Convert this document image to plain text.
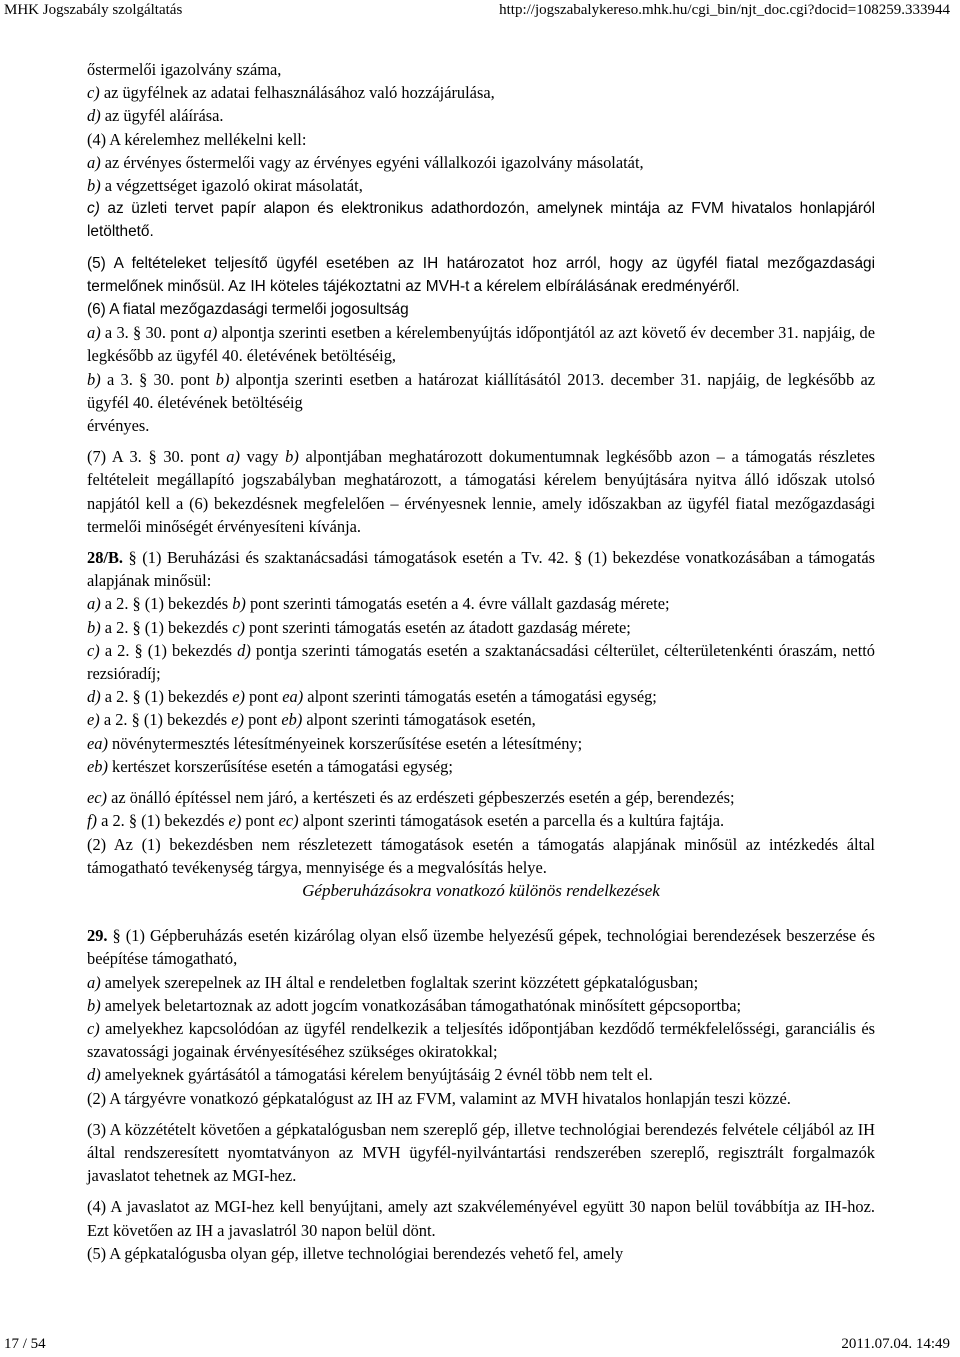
MHK Jogszabály szolgáltatás	http://jogszabalykereso.mhk.hu/cgi_bin/njt_doc.cgi?docid=108259.333944

őstermelői igazolvány száma,

c) az ügyfélnek az adatai felhasználásához való hozzájárulása,

d) az ügyfél aláírása.

(4) A kérelemhez mellékelni kell:

a) az érvényes őstermelői vagy az érvényes egyéni vállalkozói igazolvány másolatát,

b) a végzettséget igazoló okirat másolatát,

c) az üzleti tervet papír alapon és elektronikus adathordozón, amelynek mintája az FVM hivatalos honlapjáról letölthető.

(5) A feltételeket teljesítő ügyfél esetében az IH határozatot hoz arról, hogy az ügyfél fiatal mezőgazdasági termelőnek minősül. Az IH köteles tájékoztatni az MVH-t a kérelem elbírálásának eredményéről.

(6) A fiatal mezőgazdasági termelői jogosultság

a) a 3. § 30. pont a) alpontja szerinti esetben a kérelembenyújtás időpontjától az azt követő év december 31. napjáig, de legkésőbb az ügyfél 40. életévének betöltéséig,

b) a 3. § 30. pont b) alpontja szerinti esetben a határozat kiállításától 2013. december 31. napjáig, de legkésőbb az ügyfél 40. életévének betöltéséig

érvényes.

(7) A 3. § 30. pont a) vagy b) alpontjában meghatározott dokumentumnak legkésőbb azon – a támogatás részletes feltételeit megállapító jogszabályban meghatározott, a támogatási kérelem benyújtására nyitva álló időszak utolsó napjától kell a (6) bekezdésnek megfelelően – érvényesnek lennie, amely időszakban az ügyfél fiatal mezőgazdasági termelői minőségét érvényesíteni kívánja.

28/B. § (1) Beruházási és szaktanácsadási támogatások esetén a Tv. 42. § (1) bekezdése vonatkozásában a támogatás alapjának minősül:

a) a 2. § (1) bekezdés b) pont szerinti támogatás esetén a 4. évre vállalt gazdaság mérete;

b) a 2. § (1) bekezdés c) pont szerinti támogatás esetén az átadott gazdaság mérete;

c) a 2. § (1) bekezdés d) pontja szerinti támogatás esetén a szaktanácsadási célterület, célterületenkénti óraszám, nettó rezsióradíj;

d) a 2. § (1) bekezdés e) pont ea) alpont szerinti támogatás esetén a támogatási egység;

e) a 2. § (1) bekezdés e) pont eb) alpont szerinti támogatások esetén,

ea) növénytermesztés létesítményeinek korszerűsítése esetén a létesítmény;

eb) kertészet korszerűsítése esetén a támogatási egység;

ec) az önálló építéssel nem járó, a kertészeti és az erdészeti gépbeszerzés esetén a gép, berendezés;

f) a 2. § (1) bekezdés e) pont ec) alpont szerinti támogatások esetén a parcella és a kultúra fajtája.

(2) Az (1) bekezdésben nem részletezett támogatások esetén a támogatás alapjának minősül az intézkedés által támogatható tevékenység tárgya, mennyisége és a megvalósítás helye.

Gépberuházásokra vonatkozó különös rendelkezések

29. § (1) Gépberuházás esetén kizárólag olyan első üzembe helyezésű gépek, technológiai berendezések beszerzése és beépítése támogatható,

a) amelyek szerepelnek az IH által e rendeletben foglaltak szerint közzétett gépkatalógusban;

b) amelyek beletartoznak az adott jogcím vonatkozásában támogathatónak minősített gépcsoportba;

c) amelyekhez kapcsolódóan az ügyfél rendelkezik a teljesítés időpontjában kezdődő termékfelelősségi, garanciális és szavatossági jogainak érvényesítéséhez szükséges okiratokkal;

d) amelyeknek gyártásától a támogatási kérelem benyújtásáig 2 évnél több nem telt el.

(2) A tárgyévre vonatkozó gépkatalógust az IH az FVM, valamint az MVH hivatalos honlapján teszi közzé.

(3) A közzétételt követően a gépkatalógusban nem szereplő gép, illetve technológiai berendezés felvétele céljából az IH által rendszeresített nyomtatványon az MVH ügyfél-nyilvántartási rendszerében szereplő, regisztrált forgalmazók javaslatot tehetnek az MGI-hez.

(4) A javaslatot az MGI-hez kell benyújtani, amely azt szakvéleményével együtt 30 napon belül továbbítja az IH-hoz. Ezt követően az IH a javaslatról 30 napon belül dönt.

(5) A gépkatalógusba olyan gép, illetve technológiai berendezés vehető fel, amely

17 / 54	2011.07.04. 14:49
